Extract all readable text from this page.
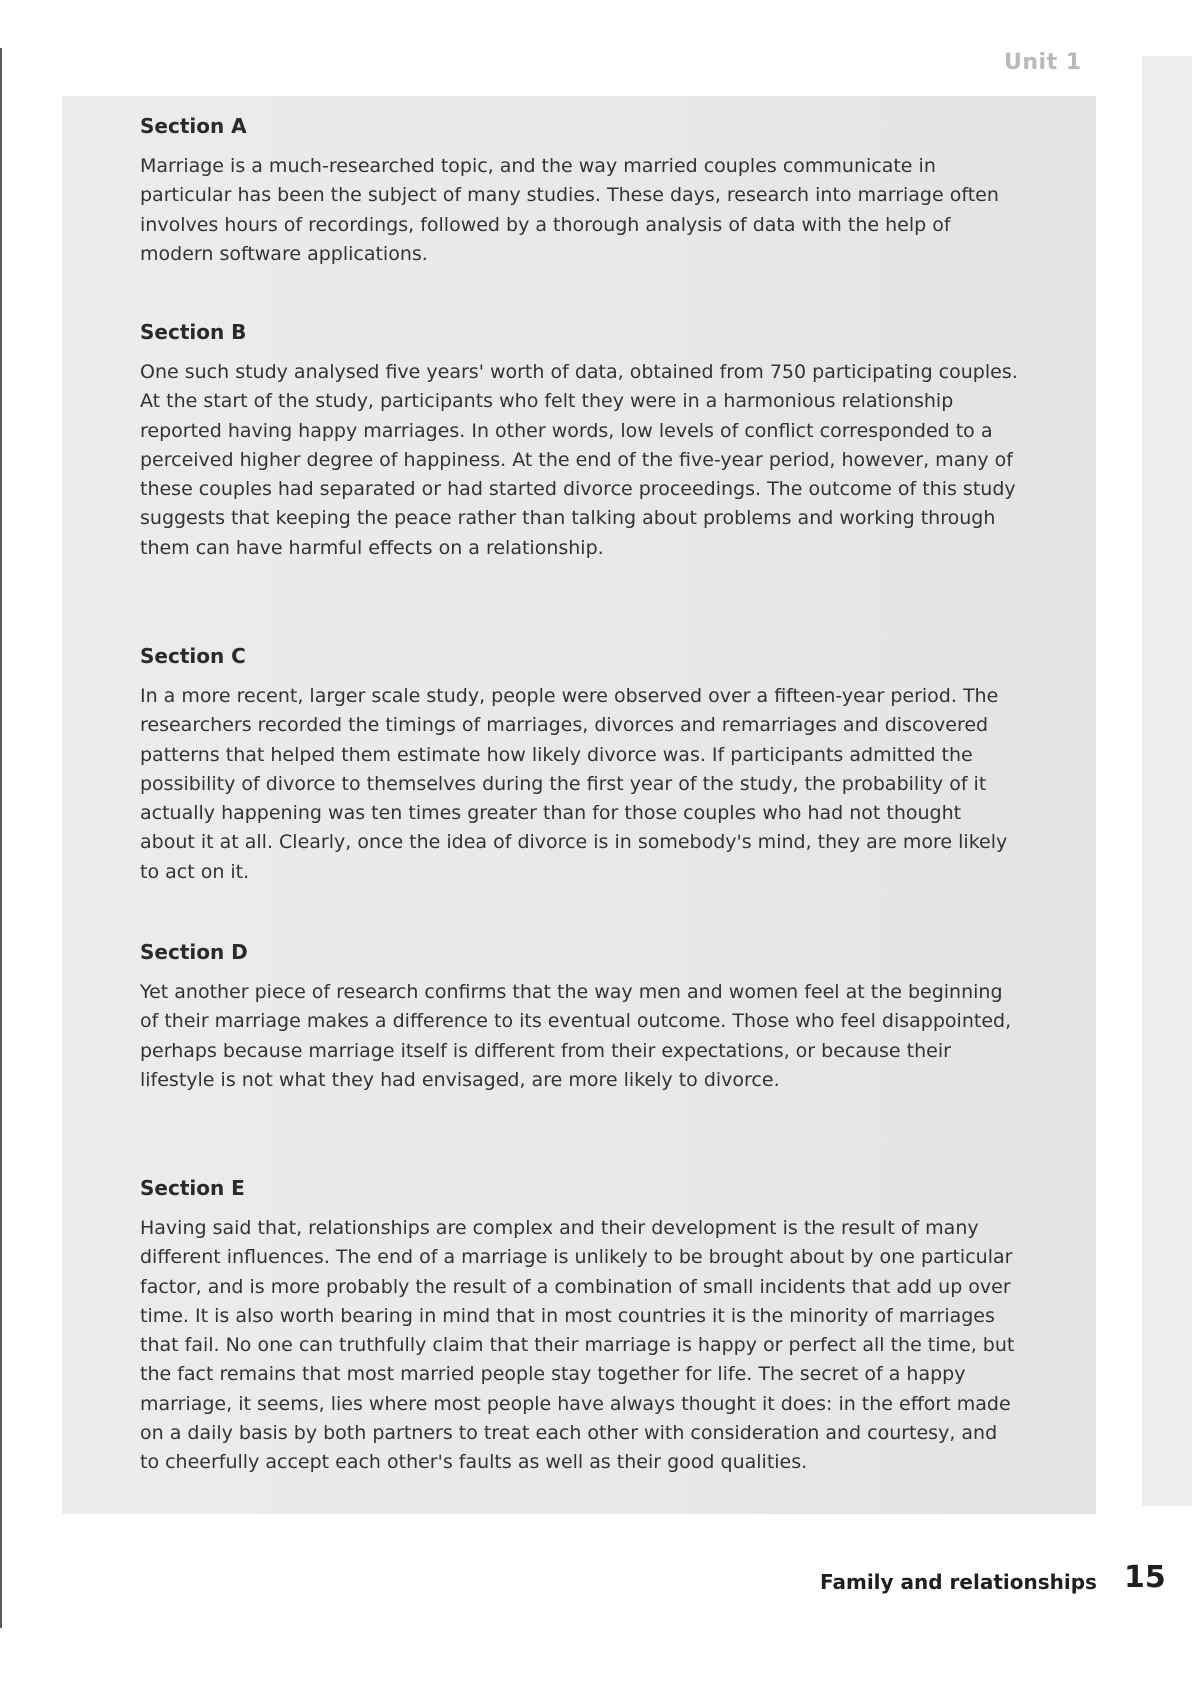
Unit 1
Section A

Marriage is a much-researched topic, and the way married couples communicate in particular has been the subject of many studies. These days, research into marriage often involves hours of recordings, followed by a thorough analysis of data with the help of modern software applications.

Section B

One such study analysed five years' worth of data, obtained from 750 participating couples. At the start of the study, participants who felt they were in a harmonious relationship reported having happy marriages. In other words, low levels of conflict corresponded to a perceived higher degree of happiness. At the end of the five-year period, however, many of these couples had separated or had started divorce proceedings. The outcome of this study suggests that keeping the peace rather than talking about problems and working through them can have harmful effects on a relationship.

Section C

In a more recent, larger scale study, people were observed over a fifteen-year period. The researchers recorded the timings of marriages, divorces and remarriages and discovered patterns that helped them estimate how likely divorce was. If participants admitted the possibility of divorce to themselves during the first year of the study, the probability of it actually happening was ten times greater than for those couples who had not thought about it at all. Clearly, once the idea of divorce is in somebody's mind, they are more likely to act on it.

Section D

Yet another piece of research confirms that the way men and women feel at the beginning of their marriage makes a difference to its eventual outcome. Those who feel disappointed, perhaps because marriage itself is different from their expectations, or because their lifestyle is not what they had envisaged, are more likely to divorce.

Section E

Having said that, relationships are complex and their development is the result of many different influences. The end of a marriage is unlikely to be brought about by one particular factor, and is more probably the result of a combination of small incidents that add up over time. It is also worth bearing in mind that in most countries it is the minority of marriages that fail. No one can truthfully claim that their marriage is happy or perfect all the time, but the fact remains that most married people stay together for life. The secret of a happy marriage, it seems, lies where most people have always thought it does: in the effort made on a daily basis by both partners to treat each other with consideration and courtesy, and to cheerfully accept each other's faults as well as their good qualities.

Family and relationships 15
